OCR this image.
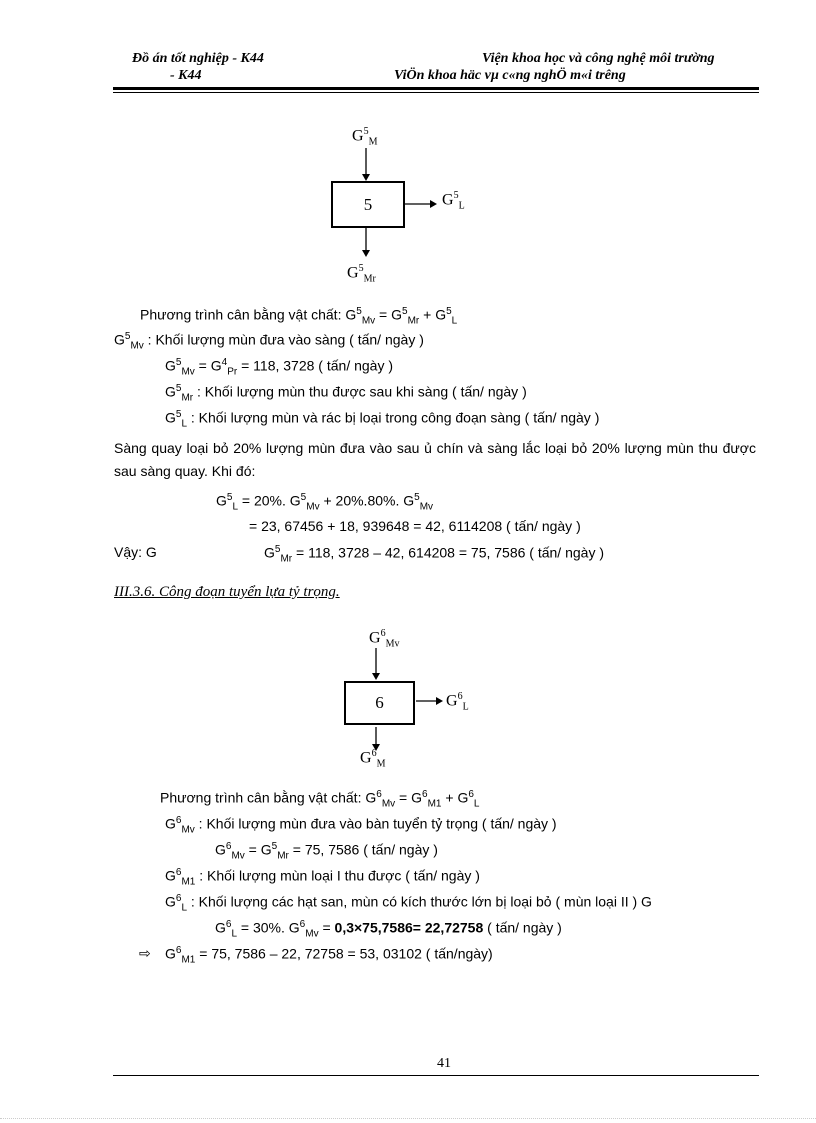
Đồ án tốt nghiệp - K44
- K44
Viện khoa học và công nghệ môi trường
ViÖn khoa häc vµ c«ng nghÖ m«i trêng
$G^5_M$
5	$G^5_L$
$G^5_{Mr}$
Phương trình cân bằng vật chất: $G^5_{Mv} = G^5_{Mr} + G^5_L$
$G^5_{Mv}$ : Khối lượng mùn đưa vào sàng ( tấn/ ngày )
$G^5_{Mv} = G^4_{Pr} = 118$, 3728 ( tấn/ ngày )
$G^5_{Mr}$ : Khối lượng mùn thu được sau khi sàng ( tấn/ ngày )
$G^5_L$ : Khối lượng mùn và rác bị loại trong công đoạn sàng ( tấn/ ngày )
Sàng quay loại bỏ 20% lượng mùn đưa vào sau ủ chín và sàng lắc loại bỏ 20% lượng mùn thu được sau sàng quay. Khi đó:
$G^5_L = 20\%$. $G^5_{Mv} + 20\%.80\%$. $G^5_{Mv}$
= 23, 67456 + 18, 939648 = 42, 6114208 ( tấn/ ngày )
Vậy: G	$G^5_{Mr} = 118$, 3728 – 42, 614208 = 75, 7586 ( tấn/ ngày )
III.3.6. Công đoạn tuyển lựa tỷ trọng.
$G^6_{Mv}$
6	$G^6_L$
$G^6_M$
Phương trình cân bằng vật chất: $G^6_{Mv} = G^6_{M1} + G^6_L$
$G^6_{Mv}$ : Khối lượng mùn đưa vào bàn tuyển tỷ trọng ( tấn/ ngày )
$G^6_{Mv} = G^5_{Mr} = 75$, 7586 ( tấn/ ngày )
$G^6_{M1}$ : Khối lượng mùn loại I thu được ( tấn/ ngày )
$G^6_L$ : Khối lượng các hạt san, mùn có kích thước lớn bị loại bỏ ( mùn loại II ) G
$G^6_L = 30\%$. $G^6_{Mv} = 0,3\times 75,7586= 22,72758$ ( tấn/ ngày )
⇨ $G^6_{M1} = 75$, 7586 – 22, 72758 = 53, 03102 ( tấn/ngày)
41
